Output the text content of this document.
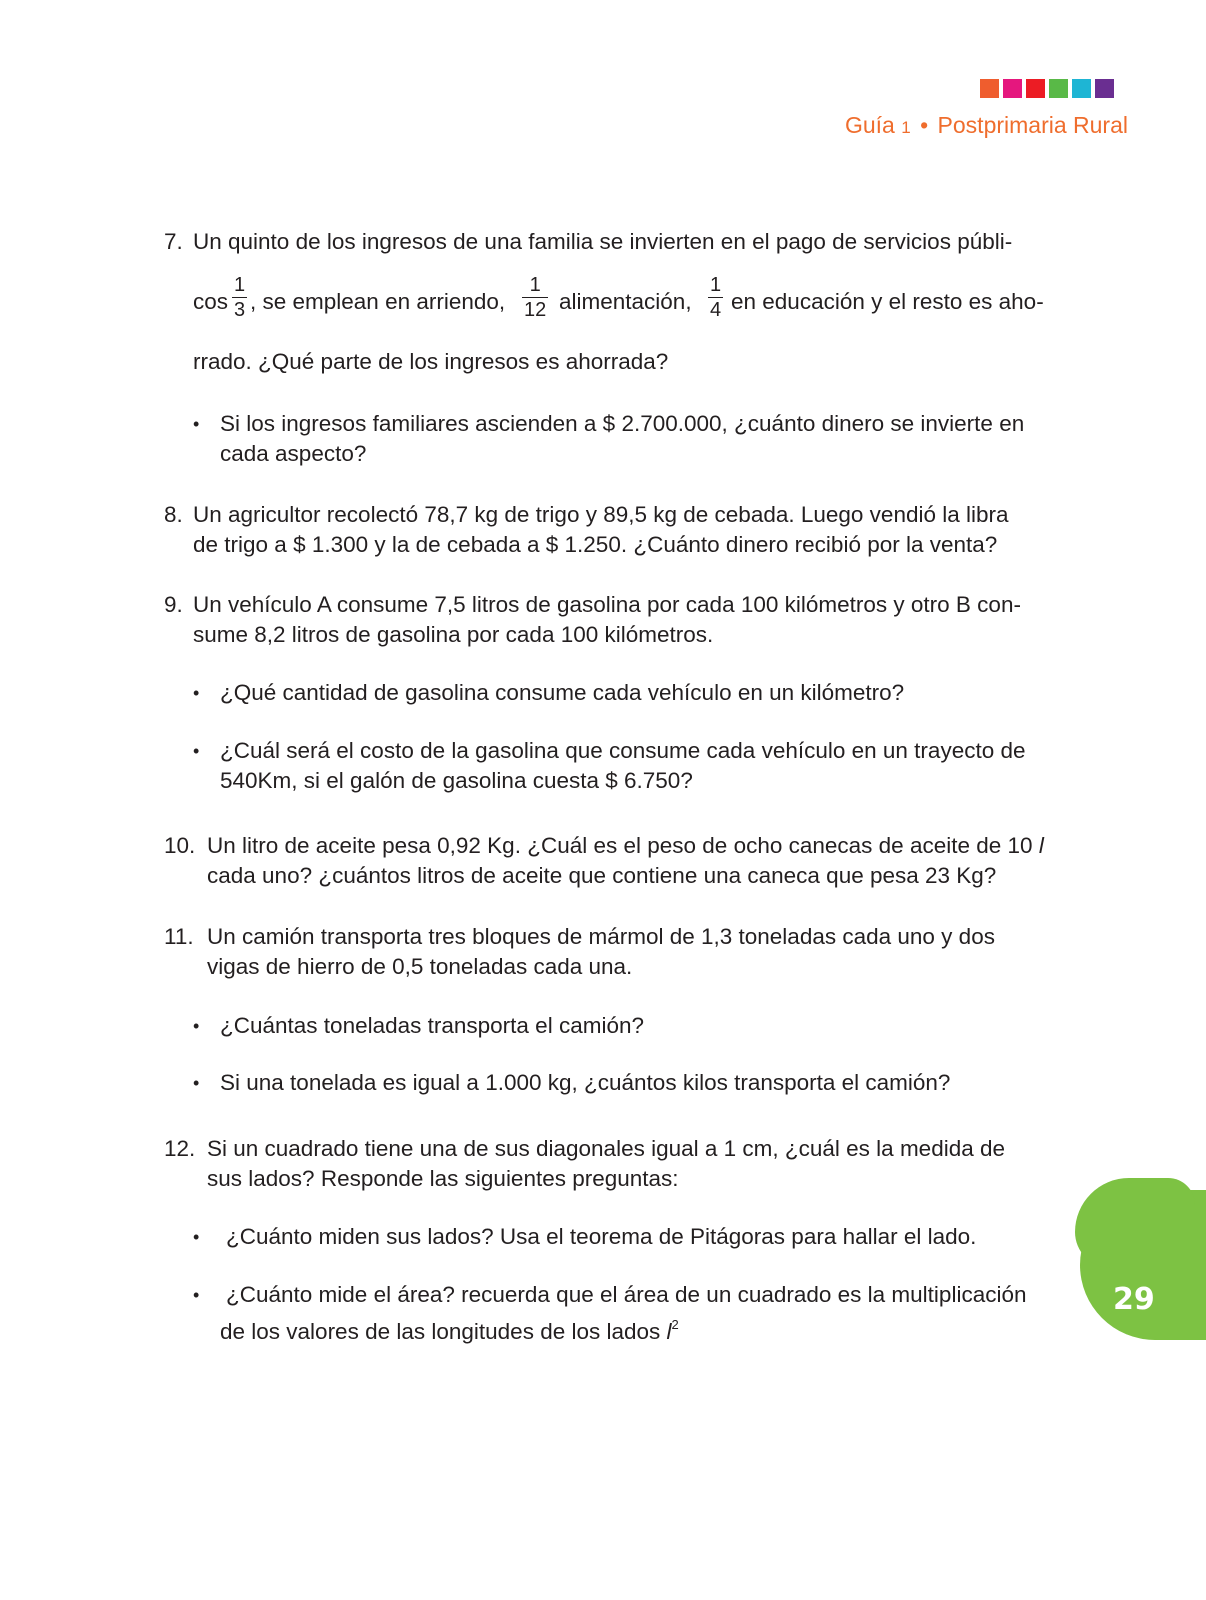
Guía 1 • Postprimaria Rural
7. Un quinto de los ingresos de una familia se invierten en el pago de servicios públi-
cos
1
3 , se emplean en arriendo,
1
12 alimentación,
1
4 en educación y el resto es aho-
rrado. ¿Qué parte de los ingresos es ahorrada?
• Si los ingresos familiares ascienden a $ 2.700.000, ¿cuánto dinero se invierte en
cada aspecto?
8. Un agricultor recolectó 78,7 kg de trigo y 89,5 kg de cebada. Luego vendió la libra
de trigo a $ 1.300 y la de cebada a $ 1.250. ¿Cuánto dinero recibió por la venta?
9. Un vehículo A consume 7,5 litros de gasolina por cada 100 kilómetros y otro B con-
sume 8,2 litros de gasolina por cada 100 kilómetros.
• ¿Qué cantidad de gasolina consume cada vehículo en un kilómetro?
• ¿Cuál será el costo de la gasolina que consume cada vehículo en un trayecto de
540Km, si el galón de gasolina cuesta $ 6.750?
10. Un litro de aceite pesa 0,92 Kg. ¿Cuál es el peso de ocho canecas de aceite de 10 l
cada uno? ¿cuántos litros de aceite que contiene una caneca que pesa 23 Kg?
11. Un camión transporta tres bloques de mármol de 1,3 toneladas cada uno y dos
vigas de hierro de 0,5 toneladas cada una.
• ¿Cuántas toneladas transporta el camión?
• Si una tonelada es igual a 1.000 kg, ¿cuántos kilos transporta el camión?
12. Si un cuadrado tiene una de sus diagonales igual a 1 cm, ¿cuál es la medida de
sus lados? Responde las siguientes preguntas:
• ¿Cuánto miden sus lados? Usa el teorema de Pitágoras para hallar el lado.
• ¿Cuánto mide el área? recuerda que el área de un cuadrado es la multiplicación
de los valores de las longitudes de los lados $l^2$
29
